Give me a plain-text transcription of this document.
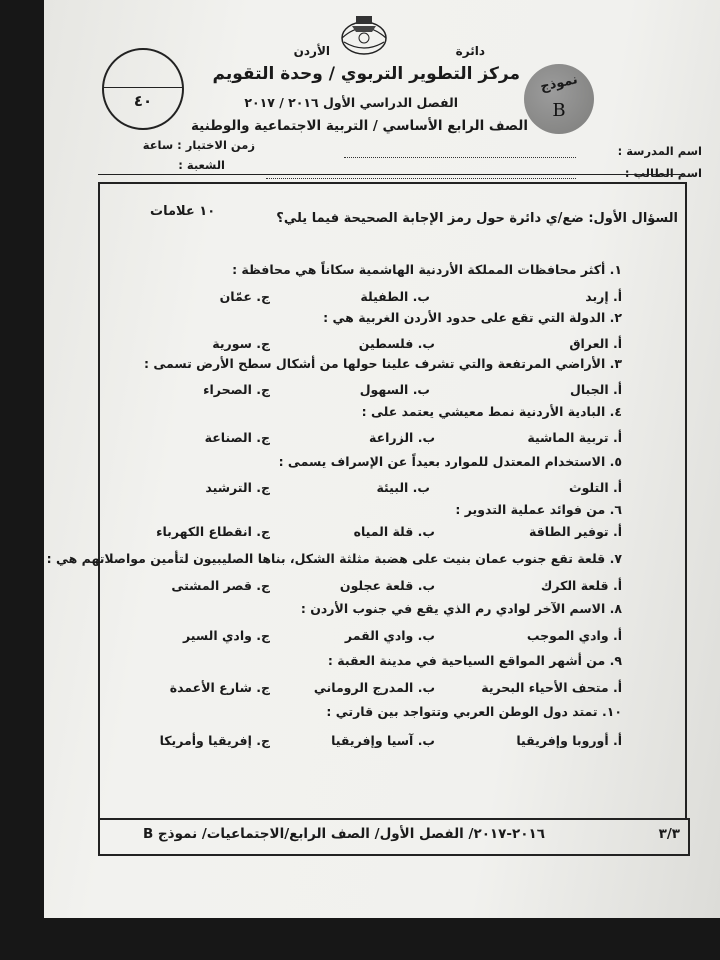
دائرة
الأردن
٤٠
مركز التطوير التربوي / وحدة التقويم
الفصل الدراسي الأول ٢٠١٦ / ٢٠١٧
الصف الرابع الأساسي / التربية الاجتماعية والوطنية
نموذج
B
زمن الاختبار : ساعة
الشعبة :
اسم المدرسة :
اسم الطالب :
السؤال الأول: ضع/ي دائرة حول رمز الإجابة الصحيحة فيما يلي؟
١٠ علامات
١. أكثر محافظات المملكة الأردنية الهاشمية سكاناً هي محافظة :
أ. إربد
ب. الطفيلة
ج. عمّان
٢. الدولة التي تقع على حدود الأردن الغربية هي :
أ. العراق
ب. فلسطين
ج. سورية
٣. الأراضي المرتفعة والتي تشرف علينا حولها من أشكال سطح الأرض تسمى :
أ. الجبال
ب. السهول
ج. الصحراء
٤. البادية الأردنية نمط معيشي يعتمد على :
أ. تربية الماشية
ب. الزراعة
ج. الصناعة
٥. الاستخدام المعتدل للموارد بعيداً عن الإسراف يسمى :
أ. التلوث
ب. البيئة
ج. الترشيد
٦. من فوائد عملية التدوير :
أ. توفير الطاقة
ب. قلة المياه
ج. انقطاع الكهرباء
٧. قلعة تقع جنوب عمان بنيت على هضبة مثلثة الشكل، بناها الصليبيون لتأمين مواصلاتهم هي :
أ. قلعة الكرك
ب. قلعة عجلون
ج. قصر المشتى
٨. الاسم الآخر لوادي رم الذي يقع في جنوب الأردن :
أ. وادي الموجب
ب. وادي القمر
ج. وادي السير
٩. من أشهر المواقع السياحية في مدينة العقبة :
أ. متحف الأحياء البحرية
ب. المدرج الروماني
ج. شارع الأعمدة
١٠. تمتد دول الوطن العربي وتتواجد بين قارتي :
أ. أوروبا وإفريقيا
ب. آسيا وإفريقيا
ج. إفريقيا وأمريكا
٢٠١٦-٢٠١٧/ الفصل الأول/ الصف الرابع/الاجتماعيات/ نموذج B	٣/٣
